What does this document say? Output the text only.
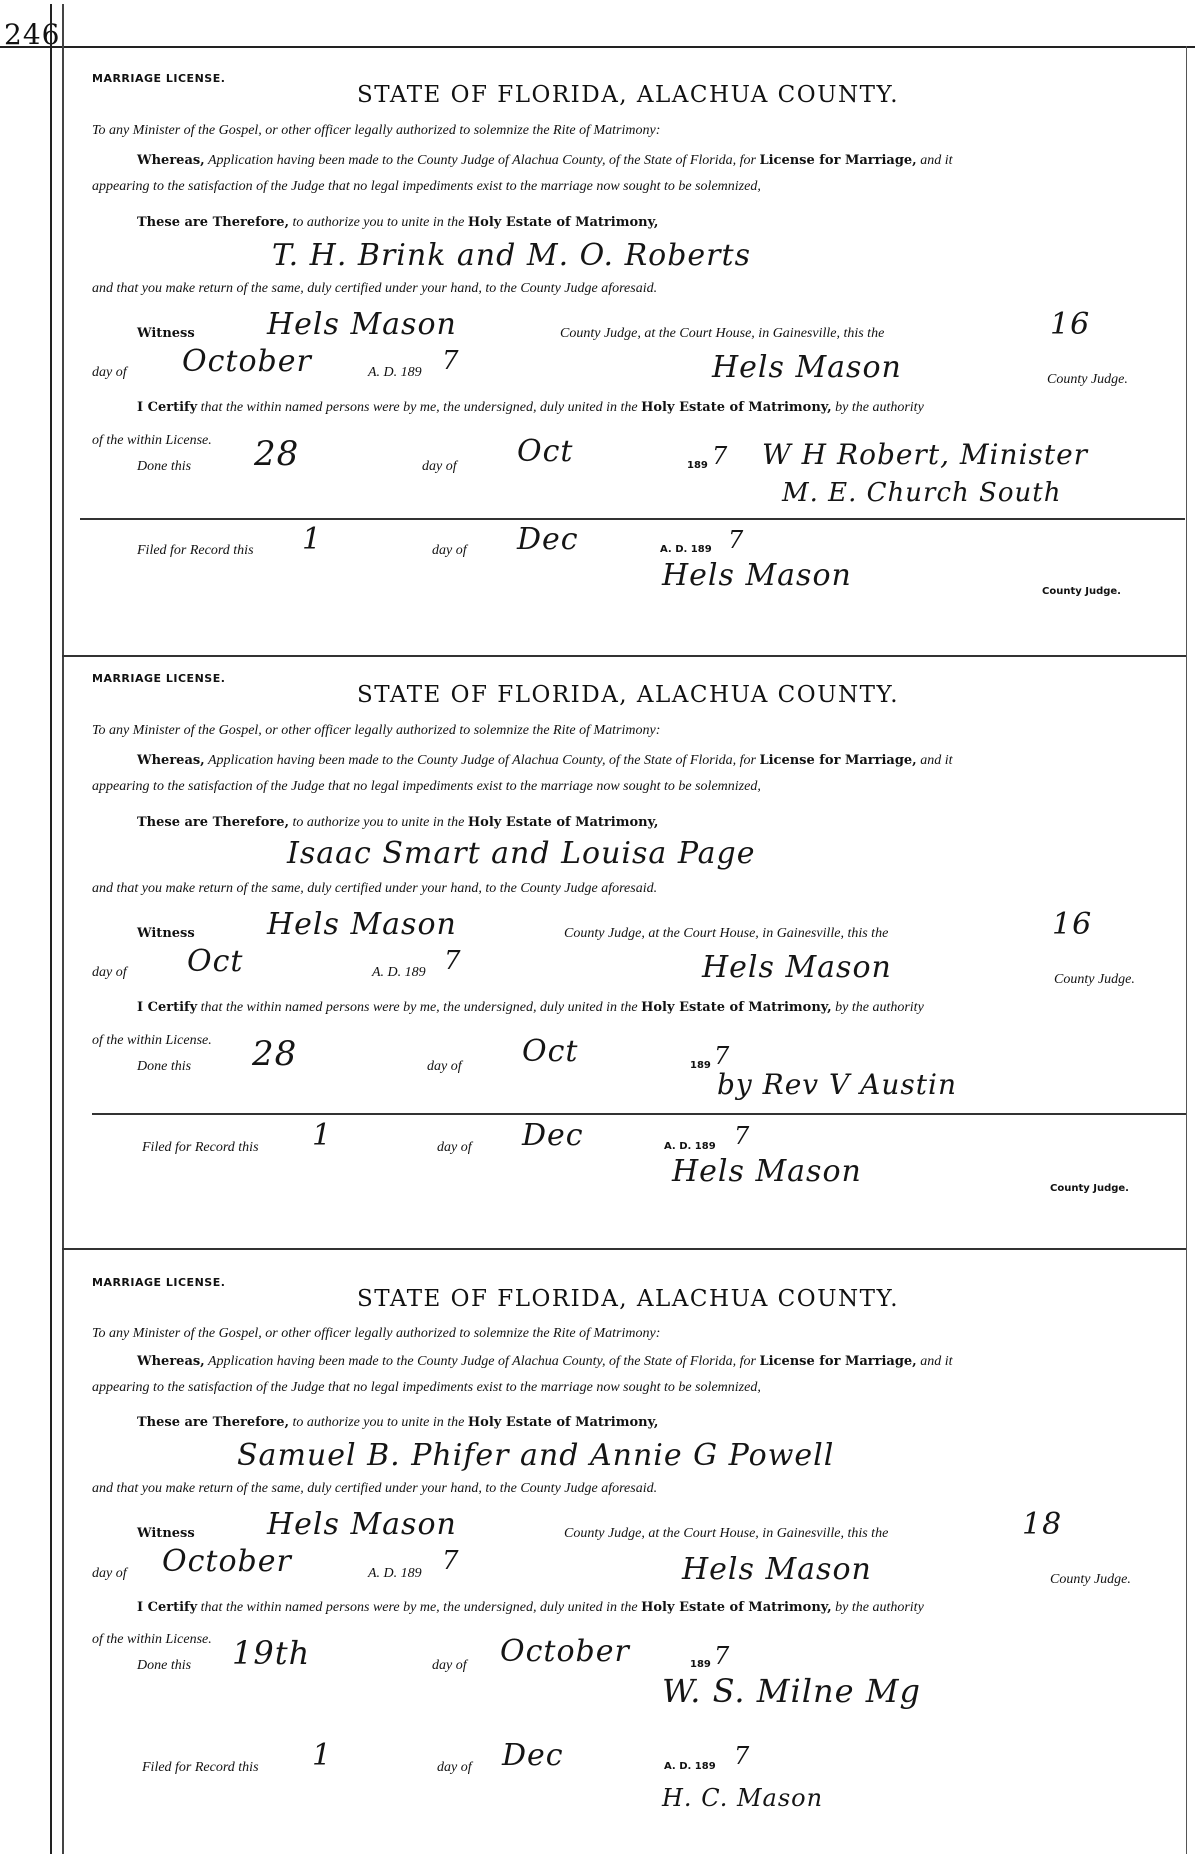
246
MARRIAGE LICENSE.
STATE OF FLORIDA, ALACHUA COUNTY.
To any Minister of the Gospel, or other officer legally authorized to solemnize the Rite of Matrimony:
Whereas, Application having been made to the County Judge of Alachua County, of the State of Florida, for License for Marriage, and it
appearing to the satisfaction of the Judge that no legal impediments exist to the marriage now sought to be solemnized,
These are Therefore, to authorize you to unite in the Holy Estate of Matrimony,
T. H. Brink and M. O. Roberts
and that you make return of the same, duly certified under your hand, to the County Judge aforesaid.
Witness Hels Mason	County Judge, at the Court House, in Gainesville, this the	16
day of October	A. D. 189 7	Hels Mason	County Judge.
I Certify that the within named persons were by me, the undersigned, duly united in the Holy Estate of Matrimony, by the authority
of the within License.
Done this 28	day of Oct	189 7 W H Robert, Minister
M. E. Church South
Filed for Record this 1	day of Dec	A. D. 189 7
Hels Mason	County Judge.
MARRIAGE LICENSE.
STATE OF FLORIDA, ALACHUA COUNTY.
To any Minister of the Gospel, or other officer legally authorized to solemnize the Rite of Matrimony:
Whereas, Application having been made to the County Judge of Alachua County, of the State of Florida, for License for Marriage, and it
appearing to the satisfaction of the Judge that no legal impediments exist to the marriage now sought to be solemnized,
These are Therefore, to authorize you to unite in the Holy Estate of Matrimony,
Isaac Smart and Louisa Page
and that you make return of the same, duly certified under your hand, to the County Judge aforesaid.
Witness Hels Mason	County Judge, at the Court House, in Gainesville, this the	16
day of Oct	A. D. 189 7	Hels Mason	County Judge.
I Certify that the within named persons were by me, the undersigned, duly united in the Holy Estate of Matrimony, by the authority
of the within License.
Done this 28	day of Oct	189 7
by Rev V Austin
Filed for Record this 1	day of Dec	A. D. 189 7
Hels Mason	County Judge.
MARRIAGE LICENSE.
STATE OF FLORIDA, ALACHUA COUNTY.
To any Minister of the Gospel, or other officer legally authorized to solemnize the Rite of Matrimony:
Whereas, Application having been made to the County Judge of Alachua County, of the State of Florida, for License for Marriage, and it
appearing to the satisfaction of the Judge that no legal impediments exist to the marriage now sought to be solemnized,
These are Therefore, to authorize you to unite in the Holy Estate of Matrimony,
Samuel B. Phifer and Annie G Powell
and that you make return of the same, duly certified under your hand, to the County Judge aforesaid.
Witness Hels Mason	County Judge, at the Court House, in Gainesville, this the	18
day of October	A. D. 189 7	Hels Mason	County Judge.
I Certify that the within named persons were by me, the undersigned, duly united in the Holy Estate of Matrimony, by the authority
of the within License.
Done this 19th	day of October	189 7
W. S. Milne Mg
Filed for Record this 1	day of Dec	A. D. 189 7
H. C. Mason
